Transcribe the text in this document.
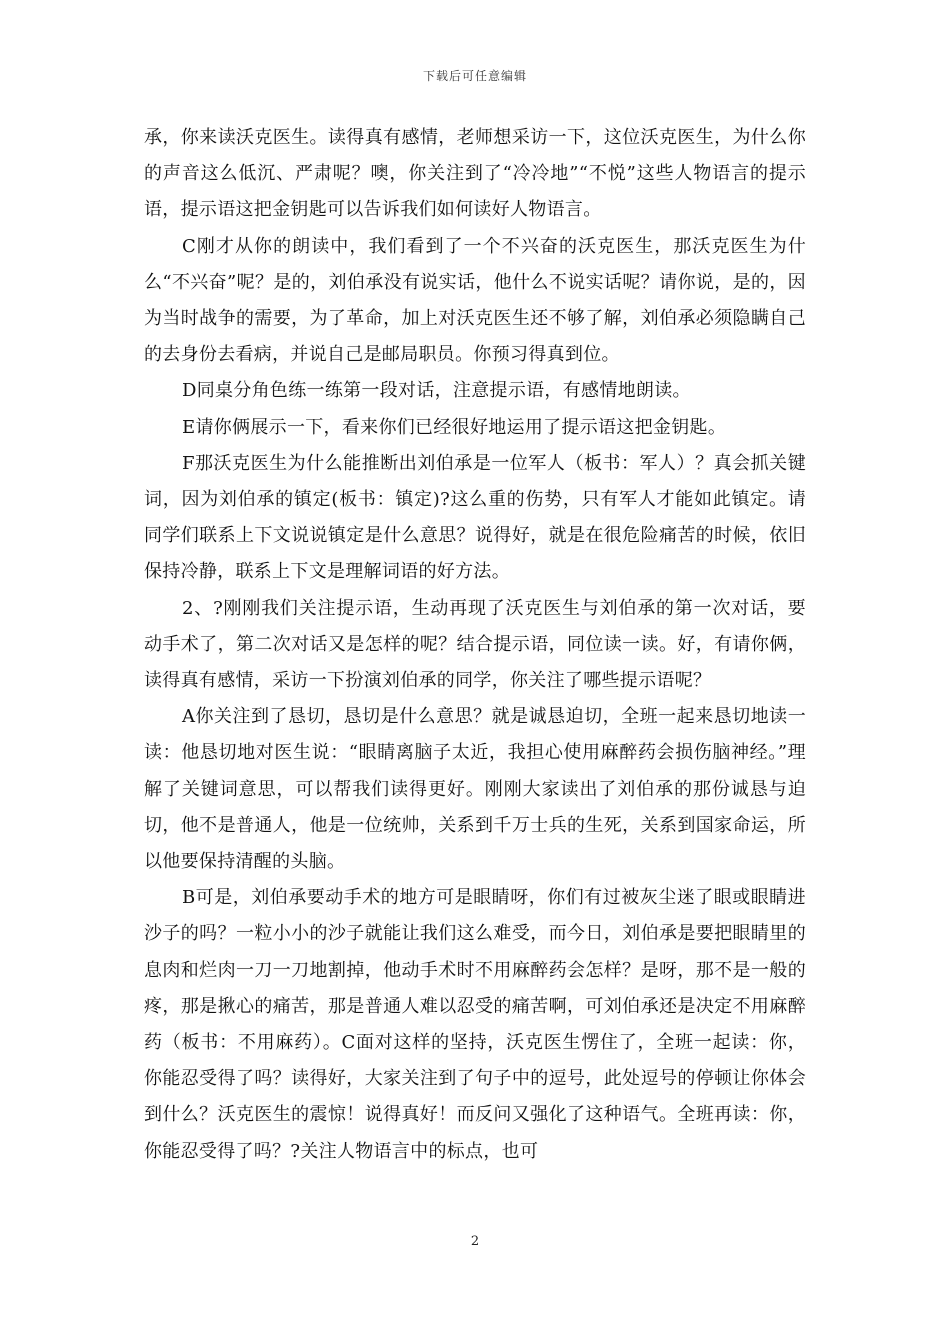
下载后可任意编辑

承，你来读沃克医生。读得真有感情，老师想采访一下，这位沃克医生，为什么你的声音这么低沉、严肃呢？噢，你关注到了“冷冷地”“不悦”这些人物语言的提示语，提示语这把金钥匙可以告诉我们如何读好人物语言。

C刚才从你的朗读中，我们看到了一个不兴奋的沃克医生，那沃克医生为什么“不兴奋”呢？是的，刘伯承没有说实话，他什么不说实话呢？请你说，是的，因为当时战争的需要，为了革命，加上对沃克医生还不够了解，刘伯承必须隐瞒自己的去身份去看病，并说自己是邮局职员。你预习得真到位。

D同桌分角色练一练第一段对话，注意提示语，有感情地朗读。

E请你俩展示一下，看来你们已经很好地运用了提示语这把金钥匙。

F那沃克医生为什么能推断出刘伯承是一位军人（板书：军人）？真会抓关键词，因为刘伯承的镇定(板书：镇定)?这么重的伤势，只有军人才能如此镇定。请同学们联系上下文说说镇定是什么意思？说得好，就是在很危险痛苦的时候，依旧保持冷静，联系上下文是理解词语的好方法。

2、?刚刚我们关注提示语，生动再现了沃克医生与刘伯承的第一次对话，要动手术了，第二次对话又是怎样的呢？结合提示语，同位读一读。好，有请你俩，读得真有感情，采访一下扮演刘伯承的同学，你关注了哪些提示语呢？

A你关注到了恳切，恳切是什么意思？就是诚恳迫切，全班一起来恳切地读一读：他恳切地对医生说：“眼睛离脑子太近，我担心使用麻醉药会损伤脑神经。”理解了关键词意思，可以帮我们读得更好。刚刚大家读出了刘伯承的那份诚恳与迫切，他不是普通人，他是一位统帅，关系到千万士兵的生死，关系到国家命运，所以他要保持清醒的头脑。

B可是，刘伯承要动手术的地方可是眼睛呀，你们有过被灰尘迷了眼或眼睛进沙子的吗？一粒小小的沙子就能让我们这么难受，而今日，刘伯承是要把眼睛里的息肉和烂肉一刀一刀地割掉，他动手术时不用麻醉药会怎样？是呀，那不是一般的疼，那是揪心的痛苦，那是普通人难以忍受的痛苦啊，可刘伯承还是决定不用麻醉药（板书：不用麻药）。C面对这样的坚持，沃克医生愣住了，全班一起读：你，你能忍受得了吗？读得好，大家关注到了句子中的逗号，此处逗号的停顿让你体会到什么？沃克医生的震惊！说得真好！而反问又强化了这种语气。全班再读：你，你能忍受得了吗？?关注人物语言中的标点，也可

2
